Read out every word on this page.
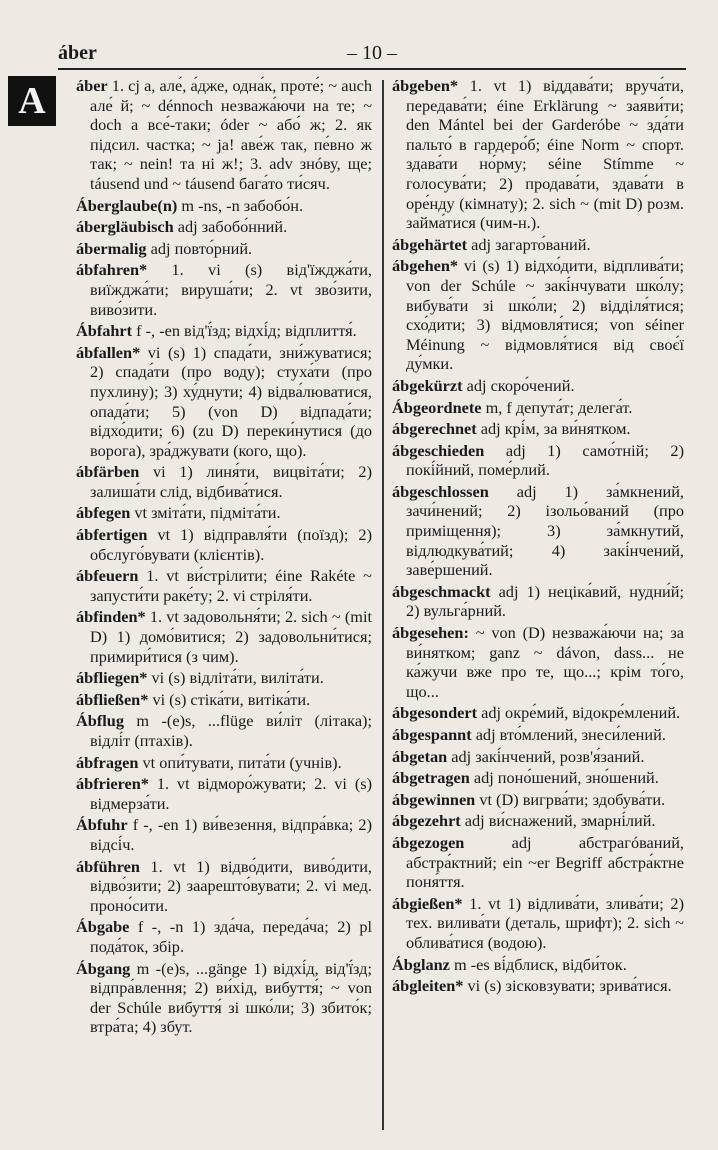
áber	– 10 –
A	áber 1. cj a, але́, а́дже, одна́к, проте́; ~ auch але́ й; ~ dénnoch незважа́ючи на те; ~ doch а все́-таки; óder ~ або́ ж; 2. як підсил. частка; ~ ja! аве́ж так, пе́вно ж так; ~ nein! та ні ж!; 3. adv знóву, ще; táusend und ~ táusend бага́то ти́сяч.
Áberglaube(n) m -ns, -n забобо́н.
ábergläubisch adj забобо́нний.
ábermalig adj повто́рний.
ábfahren* 1. vi (s) від'їжджа́ти, виїжджа́ти; вируша́ти; 2. vt зво́зити, виво́зити.
Ábfahrt f -, -en від'ї́зд; відхі́д; відплиття́.
ábfallen* vi (s) 1) спада́ти, зни́жуватися; 2) спада́ти (про воду); стуха́ти (про пухлину); 3) ху́днути; 4) відва́люватися, опада́ти; 5) (von D) відпада́ти; відхо́дити; 6) (zu D) переки́нутися (до ворога), зра́джувати (кого, що).
ábfärben vi 1) линя́ти, вицвіта́ти; 2) залиша́ти слід, відбива́тися.
ábfegen vt зміта́ти, підміта́ти.
ábfertigen vt 1) відправля́ти (поїзд); 2) обслуго́вувати (клієнтів).
ábfeuern 1. vt ви́стрілити; éine Rakéte ~ запусти́ти раке́ту; 2. vi стріля́ти.
ábfinden* 1. vt задовольня́ти; 2. sich ~ (mit D) 1) домо́витися; 2) задовольни́тися; примири́тися (з чим).
ábfliegen* vi (s) відліта́ти, виліта́ти.
ábfließen* vi (s) стіка́ти, витіка́ти.
Ábflug m -(e)s, ...flüge ви́літ (літака); відлі́т (птахів).
ábfragen vt опи́тувати, пита́ти (учнів).
ábfrieren* 1. vt відморо́жувати; 2. vi (s) відмерза́ти.
Ábfuhr f -, -en 1) ви́везення, відпра́вка; 2) відсі́ч.
ábführen 1. vt 1) відво́дити, виво́дити, відво́зити; 2) заарешто́вувати; 2. vi мед. проно́сити.
Ábgabe f -, -n 1) зда́ча, переда́ча; 2) pl пода́ток, збір.
Ábgang m -(e)s, ...gänge 1) відхі́д, від'ї́зд; відпра́влення; 2) ви́хід, вибуття́; ~ von der Schúle вибуття́ зі шко́ли; 3) збито́к; втра́та; 4) збут.
ábgeben* 1. vt 1) віддава́ти; вруча́ти, передава́ти; éine Erklärung ~ заяви́ти; den Mántel bei der Garderóbe ~ зда́ти пальто́ в гардеро́б; éine Norm ~ спорт. здава́ти но́рму; séine Stímme ~ голосува́ти; 2) продава́ти, здава́ти в оре́нду (кімнату); 2. sich ~ (mit D) розм. займа́тися (чим-н.).
ábgehärtet adj загарто́ваний.
ábgehen* vi (s) 1) відхо́дити, відплива́ти; von der Schúle ~ закі́нчувати шко́лу; вибува́ти зі шко́ли; 2) відділя́тися; схо́дити; 3) відмовля́тися; von séiner Méinung ~ відмовля́тися від своє́ї ду́мки.
ábgekürzt adj скоро́чений.
Ábgeordnete m, f депута́т; делега́т.
ábgerechnet adj крі́м, за ви́нятком.
ábgeschieden adj 1) само́тній; 2) покі́йний, поме́рлий.
ábgeschlossen adj 1) за́мкнений, зачи́нений; 2) ізольо́ваний (про приміщення); 3) за́мкнутий, відлюдкува́тий; 4) закі́нчений, заве́ршений.
ábgeschmackt adj 1) неціка́вий, нудни́й; 2) вульга́рний.
ábgesehen: ~ von (D) незважа́ючи на; за ви́нятком; ganz ~ dávon, dass... не ка́жучи вже про те, що...; крім то́го, що...
ábgesondert adj окре́мий, відокре́млений.
ábgespannt adj вто́млений, знеси́лений.
ábgetan adj закі́нчений, розв'я́заний.
ábgetragen adj поно́шений, зно́шений.
ábgewinnen vt (D) вигрва́ти; здобува́ти.
ábgezehrt adj ви́снажений, змарні́лий.
ábgezogen adj абстрагóваний, абстра́ктний; ein ~er Begriff абстра́ктне поня́ття.
ábgießen* 1. vt 1) відлива́ти, злива́ти; 2) тех. вилива́ти (деталь, шрифт); 2. sich ~ облива́тися (водою).
Ábglanz m -es ві́дблиск, відби́ток.
ábgleiten* vi (s) зісковзувати; зрива́тися.
